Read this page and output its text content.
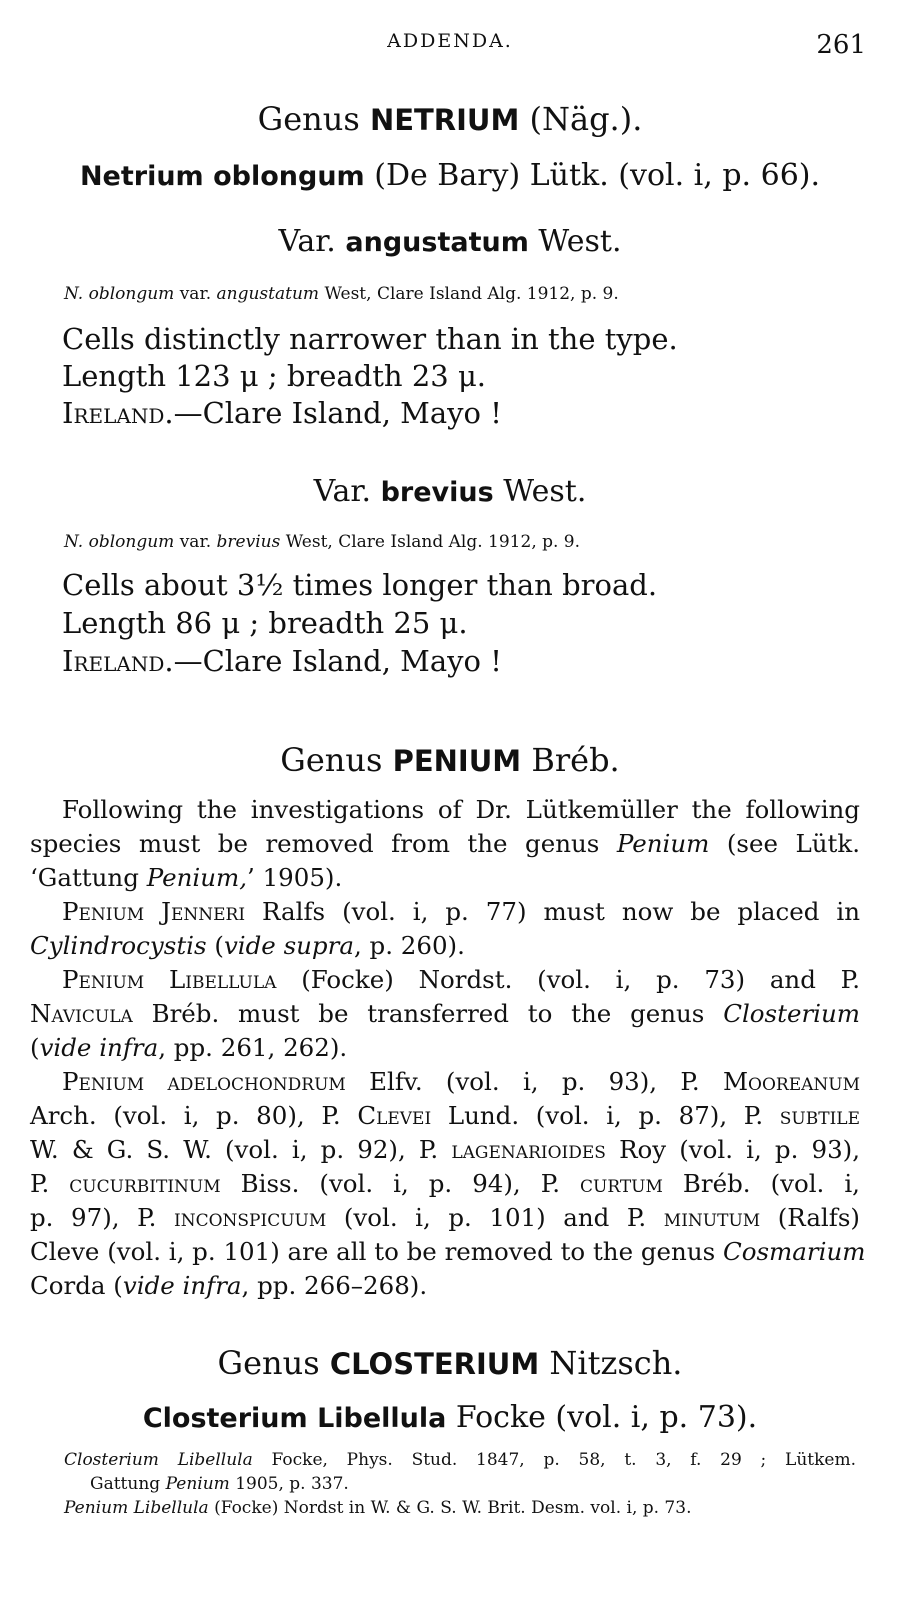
ADDENDA.	261
Genus NETRIUM (Näg.).
Netrium oblongum (De Bary) Lütk. (vol. i, p. 66).
Var. angustatum West.
N. oblongum var. angustatum West, Clare Island Alg. 1912, p. 9.
Cells distinctly narrower than in the type.
Length 123 μ ; breadth 23 μ.
Ireland.—Clare Island, Mayo !
Var. brevius West.
N. oblongum var. brevius West, Clare Island Alg. 1912, p. 9.
Cells about 3½ times longer than broad.
Length 86 μ ; breadth 25 μ.
Ireland.—Clare Island, Mayo !
Genus PENIUM Bréb.
Following the investigations of Dr. Lütkemüller the following
species must be removed from the genus Penium (see Lütk.
‘Gattung Penium,’ 1905).
Penium Jenneri Ralfs (vol. i, p. 77) must now be placed in
Cylindrocystis (vide supra, p. 260).
Penium Libellula (Focke) Nordst. (vol. i, p. 73) and P.
Navicula Bréb. must be transferred to the genus Closterium
(vide infra, pp. 261, 262).
Penium adelochondrum Elfv. (vol. i, p. 93), P. Mooreanum
Arch. (vol. i, p. 80), P. Clevei Lund. (vol. i, p. 87), P. subtile
W. & G. S. W. (vol. i, p. 92), P. lagenarioides Roy (vol. i, p. 93),
P. cucurbitinum Biss. (vol. i, p. 94), P. curtum Bréb. (vol. i,
p. 97), P. inconspicuum (vol. i, p. 101) and P. minutum (Ralfs)
Cleve (vol. i, p. 101) are all to be removed to the genus Cosmarium
Corda (vide infra, pp. 266–268).
Genus CLOSTERIUM Nitzsch.
Closterium Libellula Focke (vol. i, p. 73).
Closterium Libellula Focke, Phys. Stud. 1847, p. 58, t. 3, f. 29 ; Lütkem.
Gattung Penium 1905, p. 337.
Penium Libellula (Focke) Nordst in W. & G. S. W. Brit. Desm. vol. i, p. 73.
